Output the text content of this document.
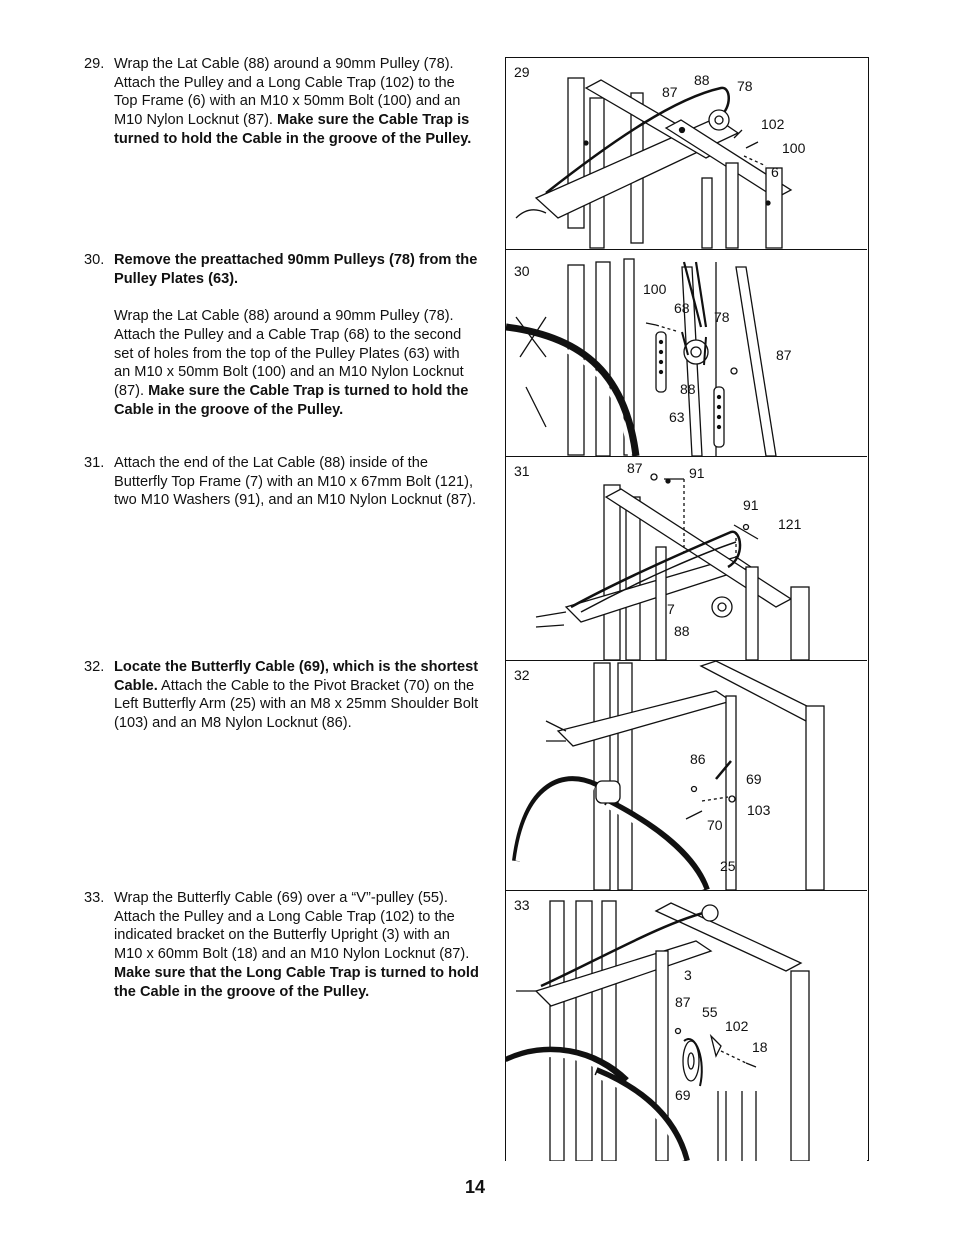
29. Wrap the Lat Cable (88) around a 90mm Pulley (78). Attach the Pulley and a Long Cable Trap (102) to the Top Frame (6) with an M10 x 50mm Bolt (100) and an M10 Nylon Locknut (87). Make sure the Cable Trap is turned to hold the Cable in the groove of the Pulley.

30. Remove the preattached 90mm Pulleys (78) from the Pulley Plates (63).

Wrap the Lat Cable (88) around a 90mm Pulley (78). Attach the Pulley and a Cable Trap (68) to the second set of holes from the top of the Pulley Plates (63) with an M10 x 50mm Bolt (100) and an M10 Nylon Locknut (87). Make sure the Cable Trap is turned to hold the Cable in the groove of the Pulley.

31. Attach the end of the Lat Cable (88) inside of the Butterfly Top Frame (7) with an M10 x 67mm Bolt (121), two M10 Washers (91), and an M10 Nylon Locknut (87).

32. Locate the Butterfly Cable (69), which is the shortest Cable. Attach the Cable to the Pivot Bracket (70) on the Left Butterfly Arm (25) with an M8 x 25mm Shoulder Bolt (103) and an M8 Nylon Locknut (86).

33. Wrap the Butterfly Cable (69) over a “V”-pulley (55). Attach the Pulley and a Long Cable Trap (102) to the indicated bracket on the Butterfly Upright (3) with an M10 x 60mm Bolt (18) and an M10 Nylon Locknut (87). Make sure that the Long Cable Trap is turned to hold the Cable in the groove of the Pulley.

29
87
88 78
102
100
6
30
100
68
78
87
88
63
31	87	91
91
121
7
88
32
86
69
103
70
25
33
3
87
55
102
18
69
14
